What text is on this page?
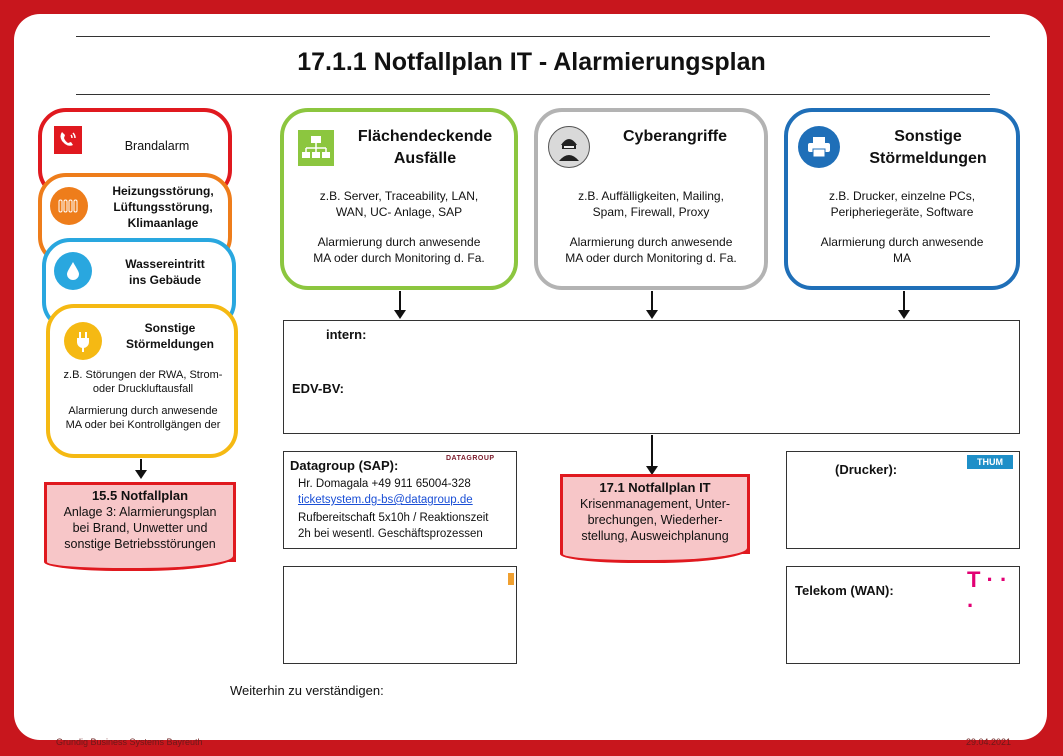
17.1.1 Notfallplan IT - Alarmierungsplan
Brandalarm
Heizungsstörung,
Lüftungsstörung,
Klimaanlage
Wassereintritt
ins Gebäude
Sonstige
Störmeldungen
z.B. Störungen der RWA, Strom-
oder Druckluftausfall
Alarmierung durch anwesende
MA oder bei Kontrollgängen der
15.5 Notfallplan
Anlage 3: Alarmierungsplan
bei Brand, Unwetter und
sonstige Betriebsstörungen
Flächendeckende
Ausfälle
z.B. Server, Traceability, LAN,
WAN, UC- Anlage, SAP
Alarmierung durch anwesende
MA oder durch Monitoring d. Fa.
Cyberangriffe
z.B. Auffälligkeiten, Mailing,
Spam, Firewall, Proxy
Alarmierung durch anwesende
MA oder durch Monitoring d. Fa.
Sonstige
Störmeldungen
z.B. Drucker, einzelne PCs,
Peripheriegeräte, Software
Alarmierung durch anwesende
MA
intern:
EDV-BV:
Datagroup (SAP):	DATAGROUP
Hr. Domagala +49 911 65004-328
ticketsystem.dg-bs@datagroup.de
Rufbereitschaft 5x10h / Reaktionszeit
2h bei wesentl. Geschäftsprozessen
17.1 Notfallplan IT
Krisenmanagement, Unter-
brechungen, Wiederher-
stellung, Ausweichplanung
(Drucker):	THUM
Telekom (WAN):	T · · ·
Weiterhin zu verständigen:
Grundig Business Systems Bayreuth	29.04.2021
